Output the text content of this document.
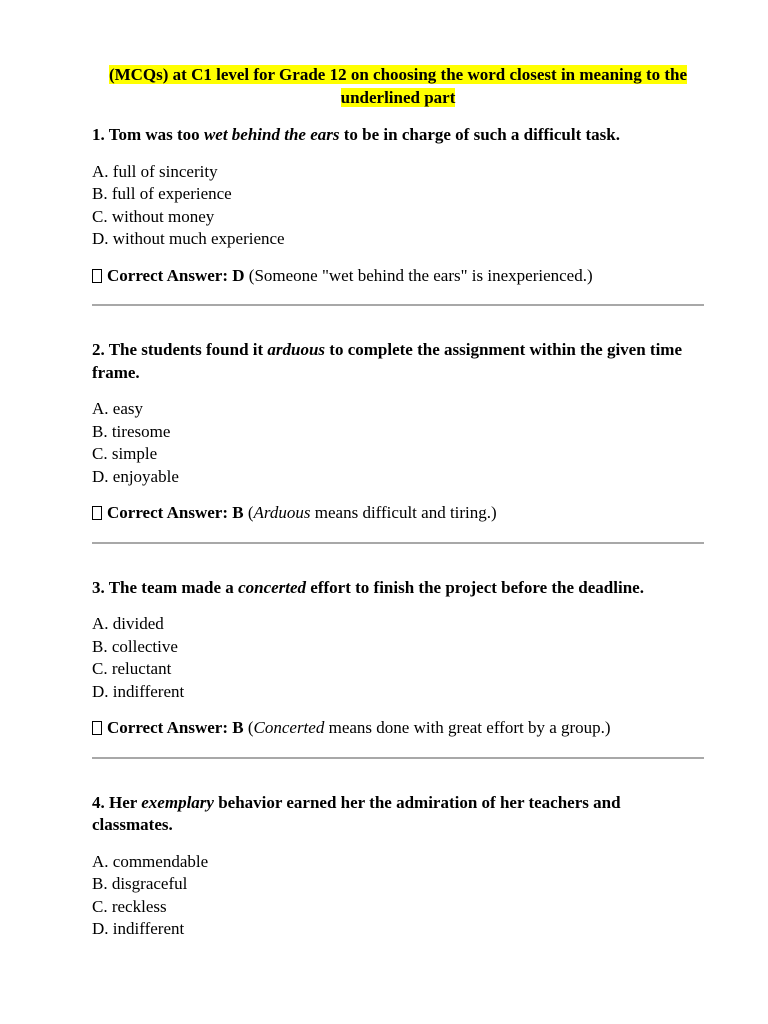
(MCQs) at C1 level for Grade 12 on choosing the word closest in meaning to the underlined part

1. Tom was too wet behind the ears to be in charge of such a difficult task.

A. full of sincerity
B. full of experience
C. without money
D. without much experience

Correct Answer: D (Someone "wet behind the ears" is inexperienced.)

2. The students found it arduous to complete the assignment within the given time frame.

A. easy
B. tiresome
C. simple
D. enjoyable

Correct Answer: B (Arduous means difficult and tiring.)

3. The team made a concerted effort to finish the project before the deadline.

A. divided
B. collective
C. reluctant
D. indifferent

Correct Answer: B (Concerted means done with great effort by a group.)

4. Her exemplary behavior earned her the admiration of her teachers and classmates.

A. commendable
B. disgraceful
C. reckless
D. indifferent
